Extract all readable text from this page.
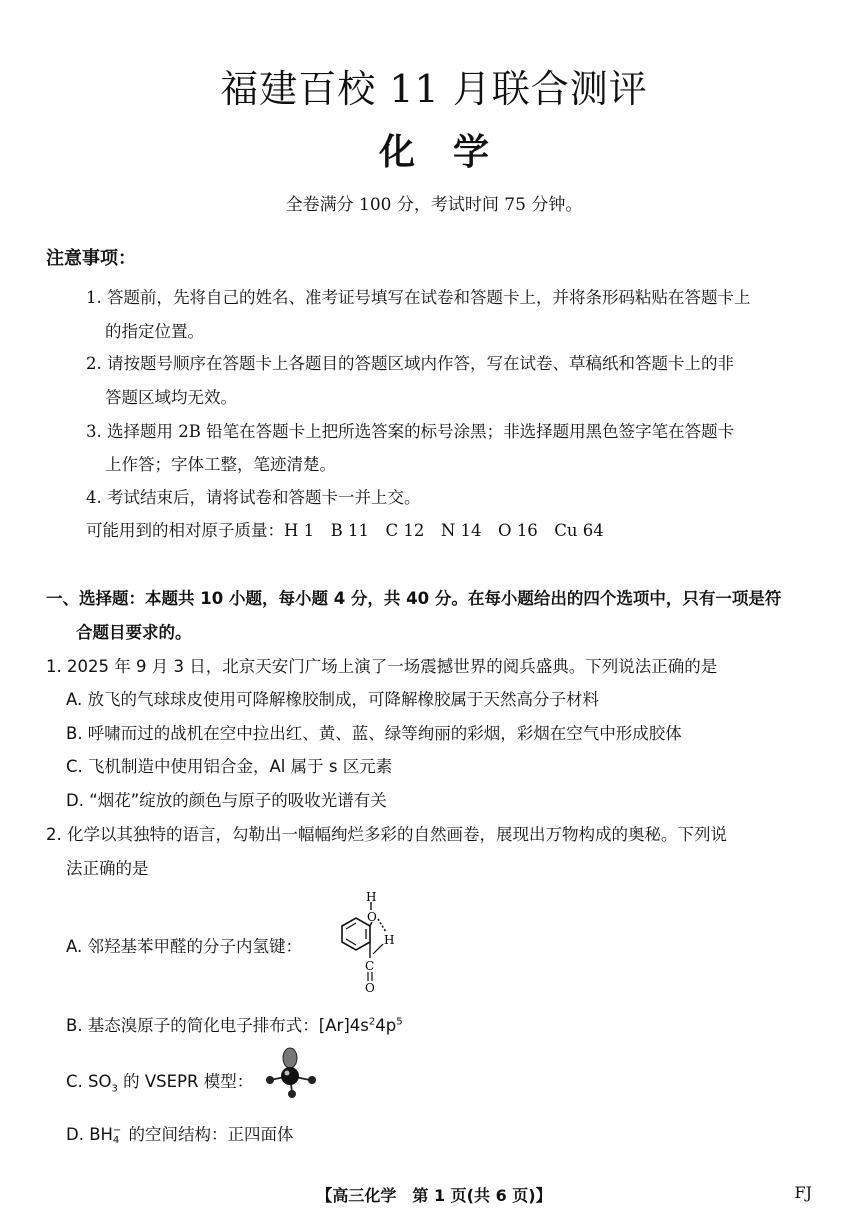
福建百校 11 月联合测评
化学
全卷满分 100 分，考试时间 75 分钟。
注意事项：
1. 答题前，先将自己的姓名、准考证号填写在试卷和答题卡上，并将条形码粘贴在答题卡上
的指定位置。
2. 请按题号顺序在答题卡上各题目的答题区域内作答，写在试卷、草稿纸和答题卡上的非
答题区域均无效。
3. 选择题用 2B 铅笔在答题卡上把所选答案的标号涂黑；非选择题用黑色签字笔在答题卡
上作答；字体工整，笔迹清楚。
4. 考试结束后，请将试卷和答题卡一并上交。
可能用到的相对原子质量：H 1　B 11　C 12　N 14　O 16　Cu 64
一、选择题：本题共 10 小题，每小题 4 分，共 40 分。在每小题给出的四个选项中，只有一项是符
合题目要求的。
1. 2025 年 9 月 3 日，北京天安门广场上演了一场震撼世界的阅兵盛典。下列说法正确的是
A. 放飞的气球球皮使用可降解橡胶制成，可降解橡胶属于天然高分子材料
B. 呼啸而过的战机在空中拉出红、黄、蓝、绿等绚丽的彩烟，彩烟在空气中形成胶体
C. 飞机制造中使用铝合金，Al 属于 s 区元素
D. “烟花”绽放的颜色与原子的吸收光谱有关
2. 化学以其独特的语言，勾勒出一幅幅绚烂多彩的自然画卷，展现出万物构成的奥秘。下列说
法正确的是
A. 邻羟基苯甲醛的分子内氢键：
O
H
H
C
O
B. 基态溴原子的简化电子排布式：$[Ar]4s^24p^5$
C. $SO_3$ 的 VSEPR 模型：
D. BH −
4 的空间结构：正四面体
【高三化学　第 1 页(共 6 页)】	FJ
